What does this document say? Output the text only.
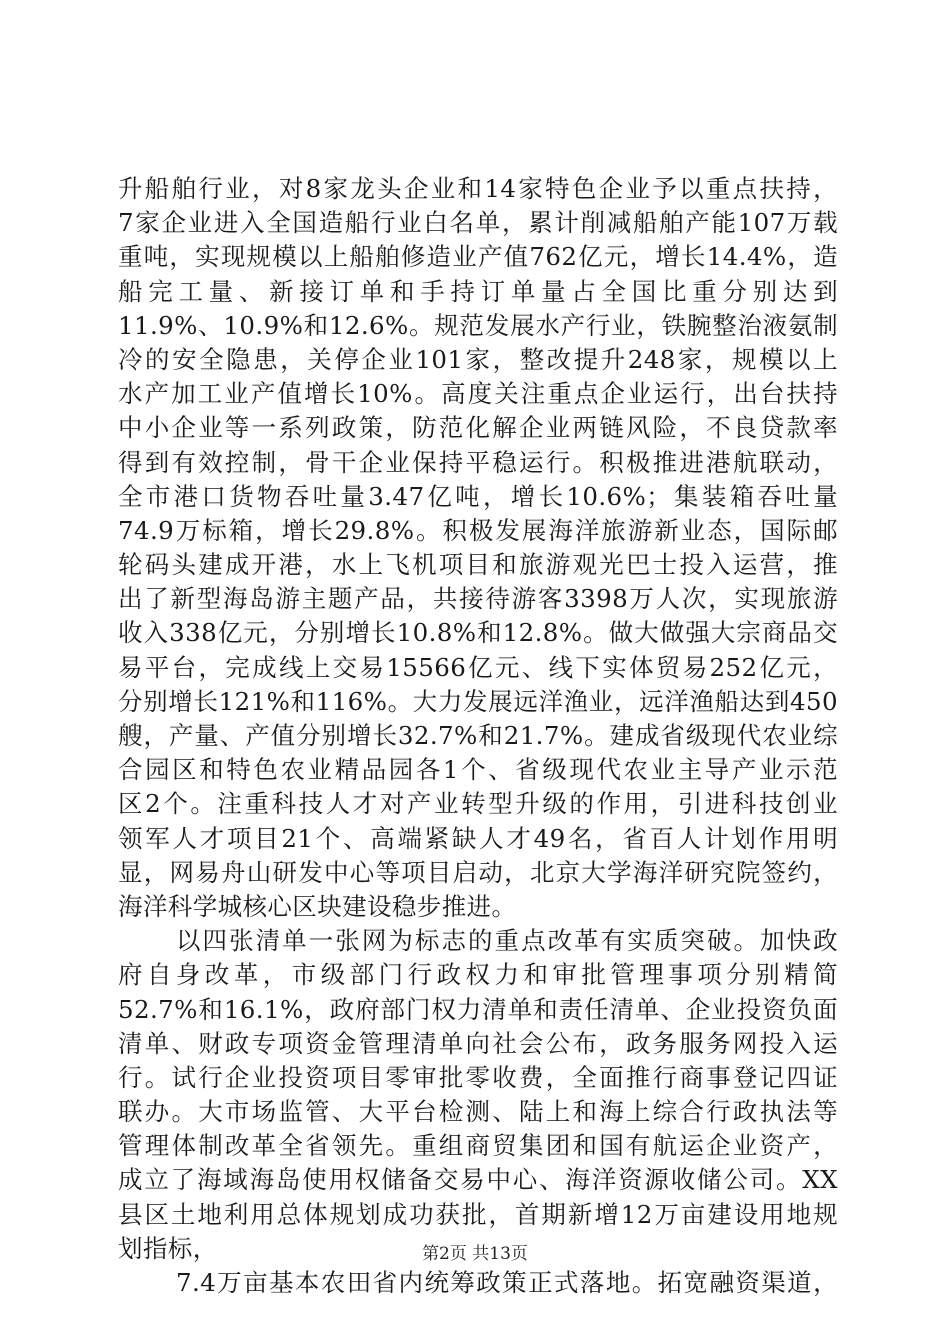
升船舶行业，对8家龙头企业和14家特色企业予以重点扶持，
7家企业进入全国造船行业白名单，累计削减船舶产能107万载
重吨，实现规模以上船舶修造业产值762亿元，增长14.4%，造
船完工量、新接订单和手持订单量占全国比重分别达到
11.9%、10.9%和12.6%。规范发展水产行业，铁腕整治液氨制
冷的安全隐患，关停企业101家，整改提升248家，规模以上
水产加工业产值增长10%。高度关注重点企业运行，出台扶持
中小企业等一系列政策，防范化解企业两链风险，不良贷款率
得到有效控制，骨干企业保持平稳运行。积极推进港航联动，
全市港口货物吞吐量3.47亿吨，增长10.6%；集装箱吞吐量
74.9万标箱，增长29.8%。积极发展海洋旅游新业态，国际邮
轮码头建成开港，水上飞机项目和旅游观光巴士投入运营，推
出了新型海岛游主题产品，共接待游客3398万人次，实现旅游
收入338亿元，分别增长10.8%和12.8%。做大做强大宗商品交
易平台，完成线上交易15566亿元、线下实体贸易252亿元，
分别增长121%和116%。大力发展远洋渔业，远洋渔船达到450
艘，产量、产值分别增长32.7%和21.7%。建成省级现代农业综
合园区和特色农业精品园各1个、省级现代农业主导产业示范
区2个。注重科技人才对产业转型升级的作用，引进科技创业
领军人才项目21个、高端紧缺人才49名，省百人计划作用明
显，网易舟山研发中心等项目启动，北京大学海洋研究院签约，
海洋科学城核心区块建设稳步推进。
以四张清单一张网为标志的重点改革有实质突破。加快政
府自身改革，市级部门行政权力和审批管理事项分别精简
52.7%和16.1%，政府部门权力清单和责任清单、企业投资负面
清单、财政专项资金管理清单向社会公布，政务服务网投入运
行。试行企业投资项目零审批零收费，全面推行商事登记四证
联办。大市场监管、大平台检测、陆上和海上综合行政执法等
管理体制改革全省领先。重组商贸集团和国有航运企业资产，
成立了海域海岛使用权储备交易中心、海洋资源收储公司。XX
县区土地利用总体规划成功获批，首期新增12万亩建设用地规
划指标，
7.4万亩基本农田省内统筹政策正式落地。拓宽融资渠道，
第2页 共13页
